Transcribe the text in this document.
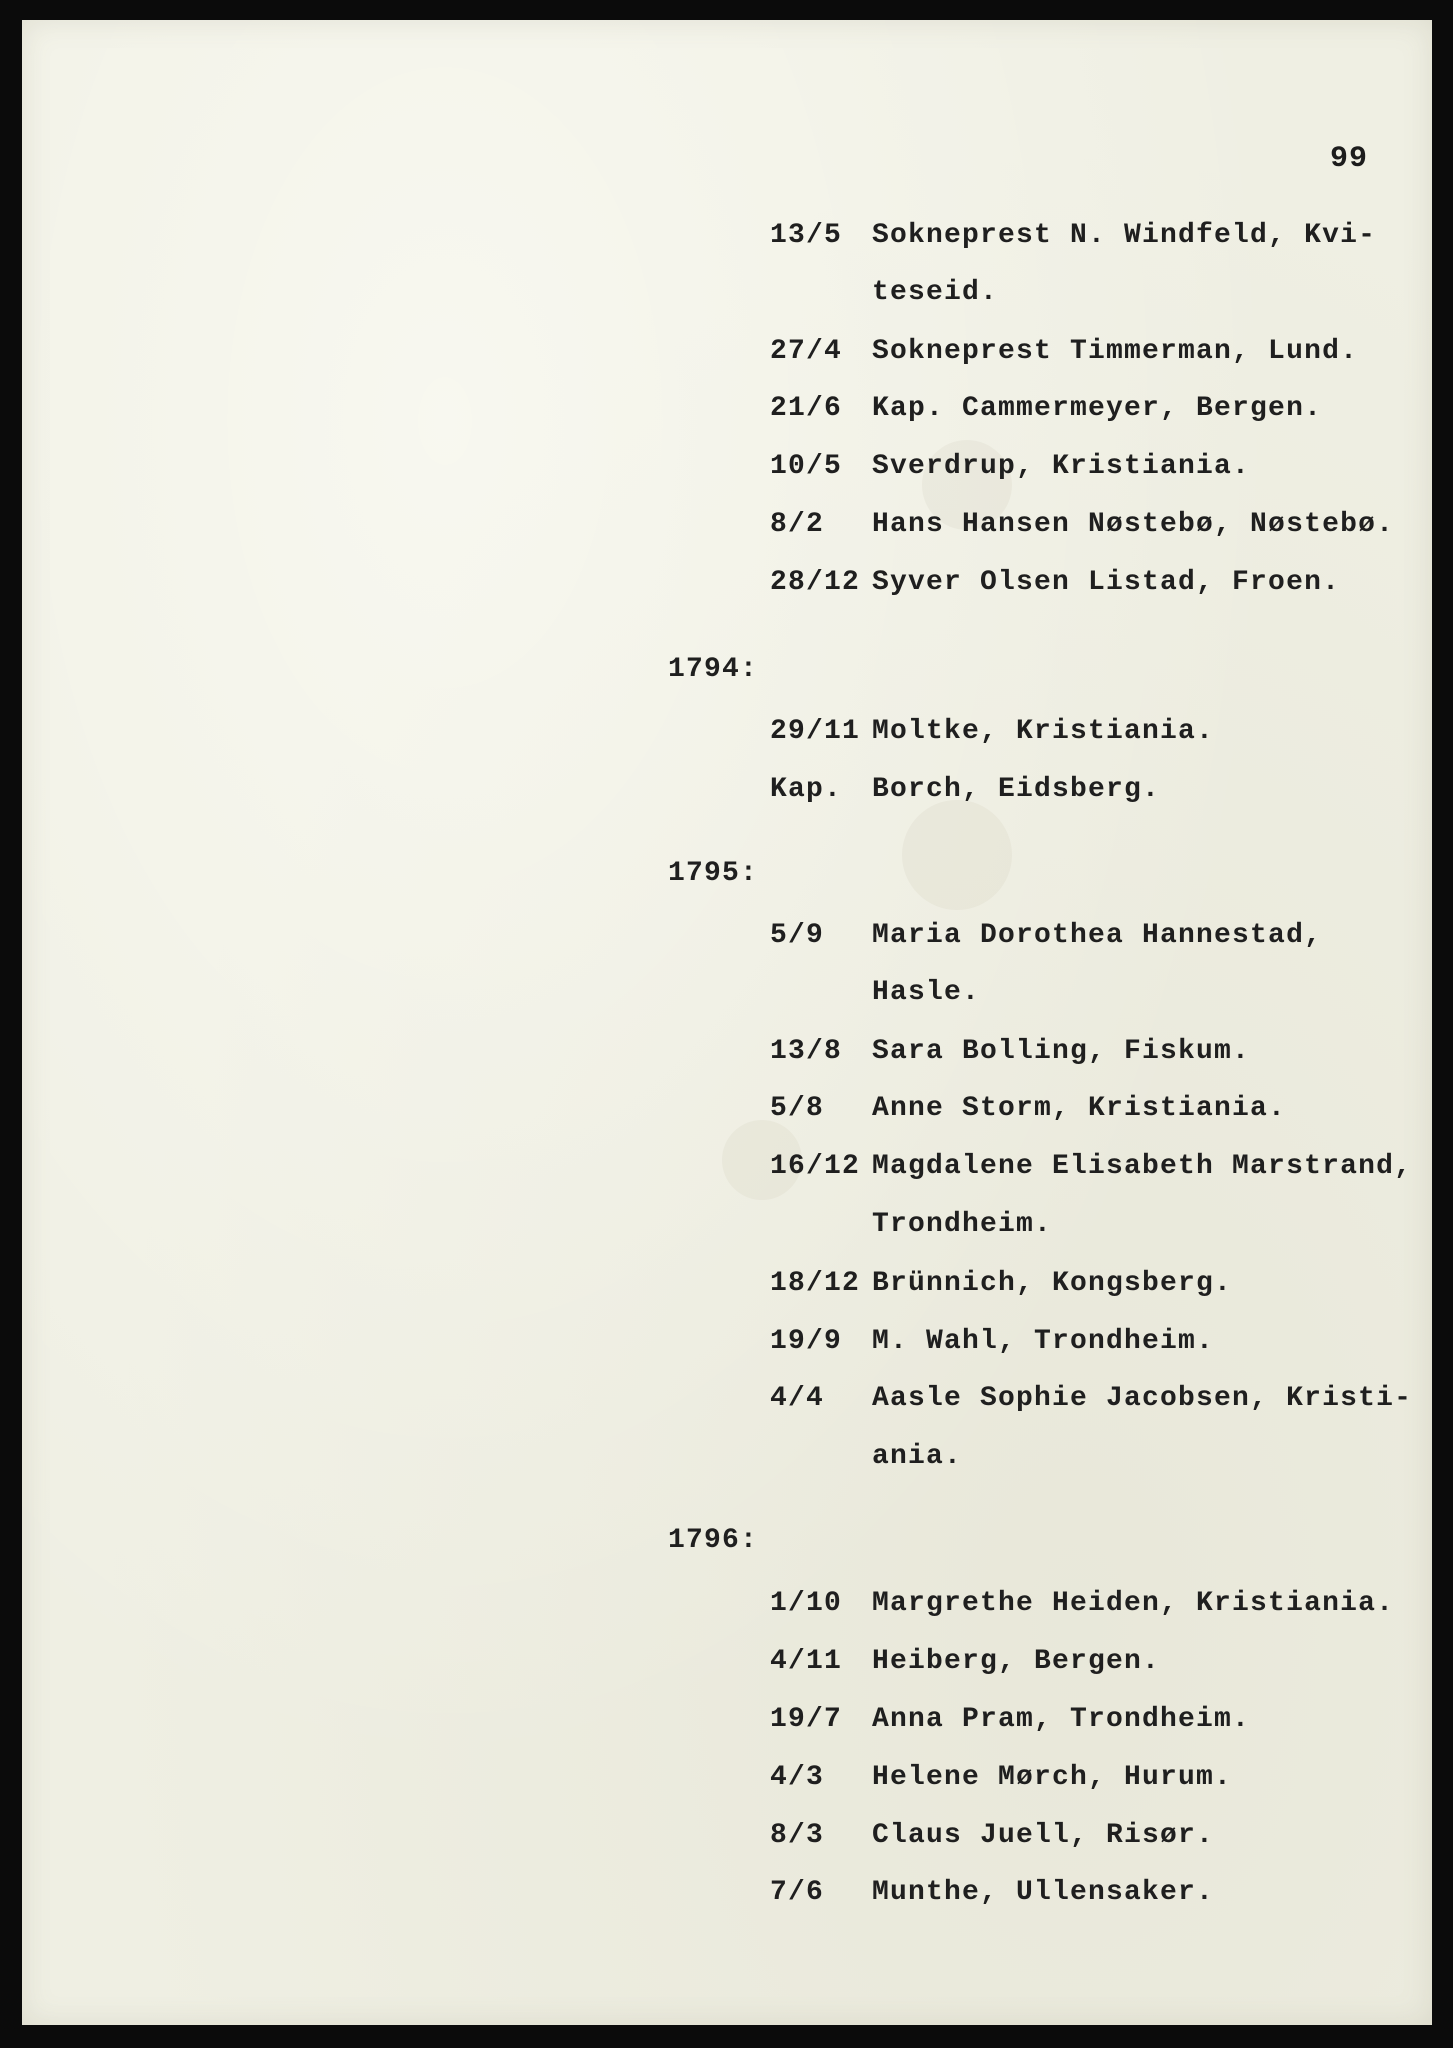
99
13/5 Sokneprest N. Windfeld, Kvi-
teseid.
27/4 Sokneprest Timmerman, Lund.
21/6 Kap. Cammermeyer, Bergen.
10/5 Sverdrup, Kristiania.
8/2 Hans Hansen Nøstebø, Nøstebø.
28/12 Syver Olsen Listad, Froen.
1794:
29/11 Moltke, Kristiania.
Kap. Borch, Eidsberg.
1795:
5/9 Maria Dorothea Hannestad,
Hasle.
13/8 Sara Bolling, Fiskum.
5/8 Anne Storm, Kristiania.
16/12 Magdalene Elisabeth Marstrand,
Trondheim.
18/12 Brünnich, Kongsberg.
19/9 M. Wahl, Trondheim.
4/4 Aasle Sophie Jacobsen, Kristi-
ania.
1796:
1/10 Margrethe Heiden, Kristiania.
4/11 Heiberg, Bergen.
19/7 Anna Pram, Trondheim.
4/3 Helene Mørch, Hurum.
8/3 Claus Juell, Risør.
7/6 Munthe, Ullensaker.
